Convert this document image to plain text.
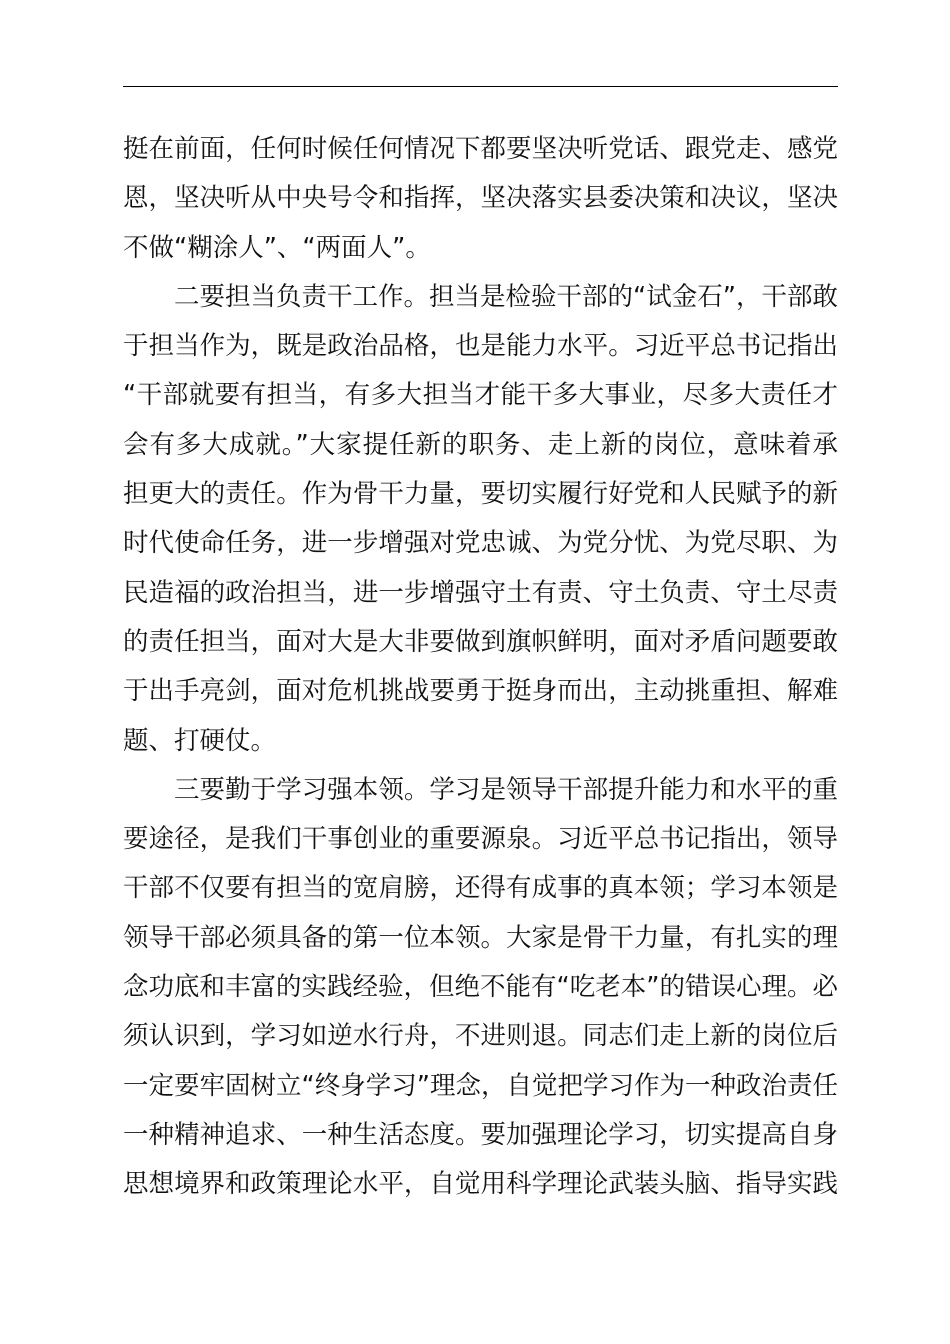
挺在前面，任何时候任何情况下都要坚决听党话、跟党走、感党
恩，坚决听从中央号令和指挥，坚决落实县委决策和决议，坚决
不做“糊涂人”、“两面人”。
二要担当负责干工作。担当是检验干部的“试金石”，干部敢
于担当作为，既是政治品格，也是能力水平。习近平总书记指出
“干部就要有担当，有多大担当才能干多大事业，尽多大责任才
会有多大成就。”大家提任新的职务、走上新的岗位，意味着承
担更大的责任。作为骨干力量，要切实履行好党和人民赋予的新
时代使命任务，进一步增强对党忠诚、为党分忧、为党尽职、为
民造福的政治担当，进一步增强守土有责、守土负责、守土尽责
的责任担当，面对大是大非要做到旗帜鲜明，面对矛盾问题要敢
于出手亮剑，面对危机挑战要勇于挺身而出，主动挑重担、解难
题、打硬仗。
三要勤于学习强本领。学习是领导干部提升能力和水平的重
要途径，是我们干事创业的重要源泉。习近平总书记指出，领导
干部不仅要有担当的宽肩膀，还得有成事的真本领；学习本领是
领导干部必须具备的第一位本领。大家是骨干力量，有扎实的理
念功底和丰富的实践经验，但绝不能有“吃老本”的错误心理。必
须认识到，学习如逆水行舟，不进则退。同志们走上新的岗位后
一定要牢固树立“终身学习”理念，自觉把学习作为一种政治责任
一种精神追求、一种生活态度。要加强理论学习，切实提高自身
思想境界和政策理论水平，自觉用科学理论武装头脑、指导实践
